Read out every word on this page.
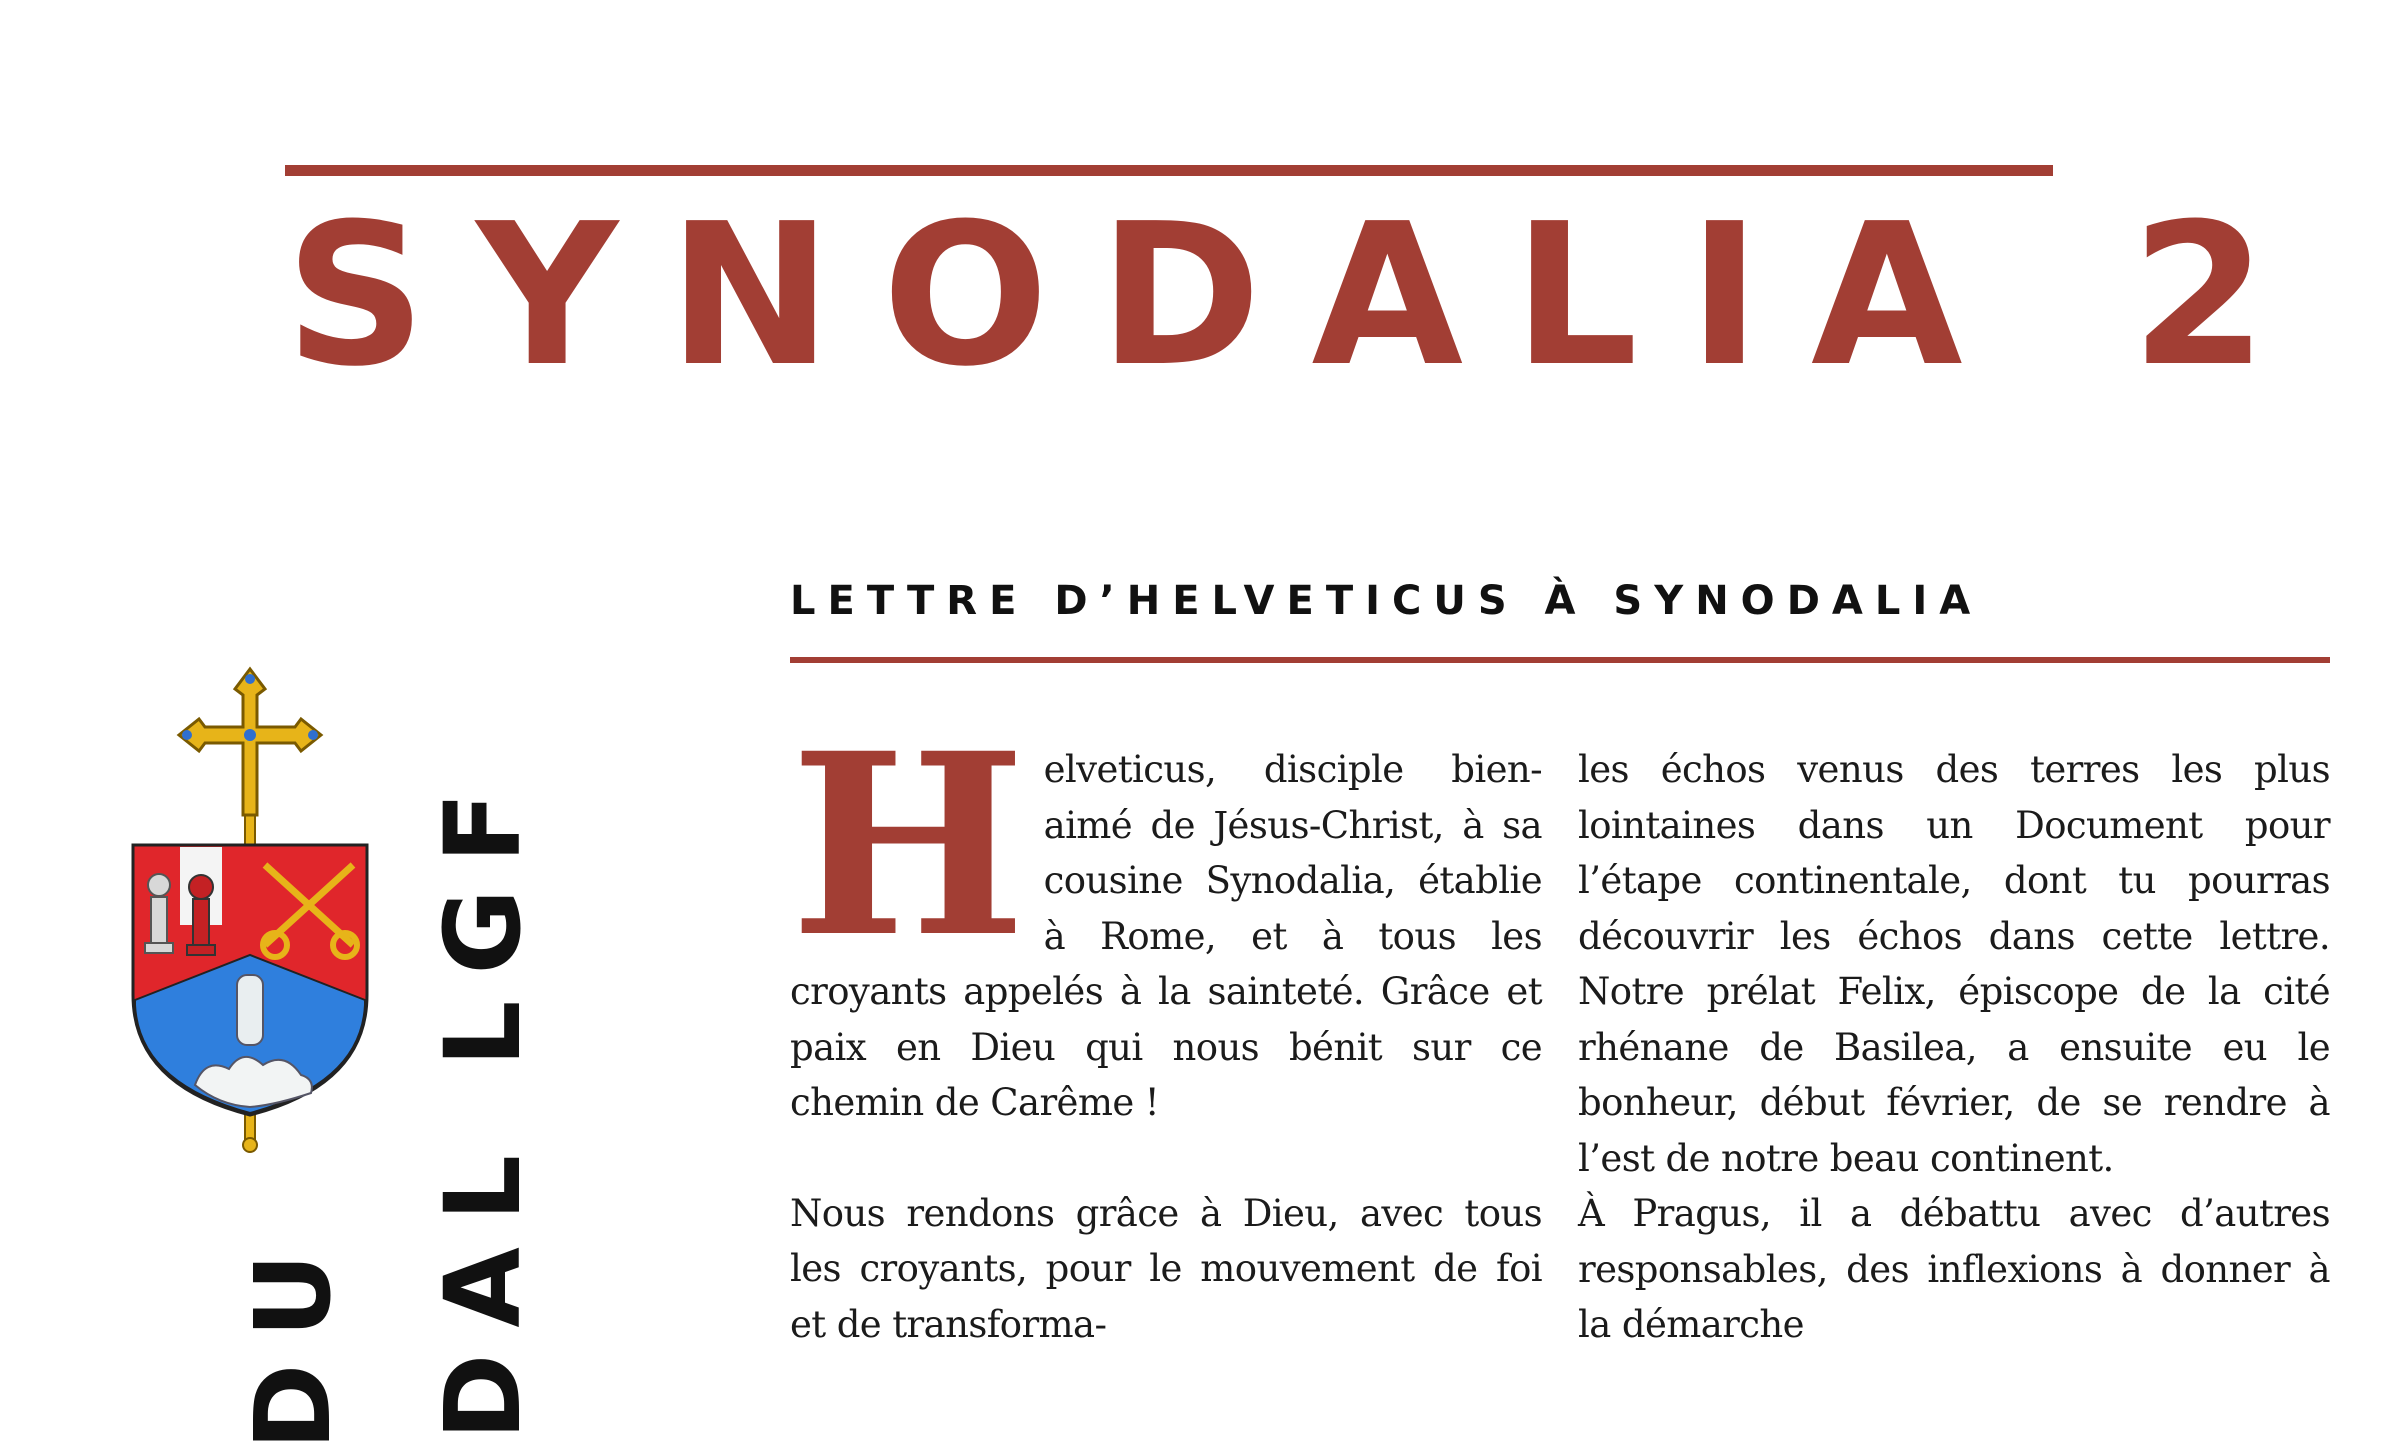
SYNODALIA 2
DU DAL LGF
LETTRE D’HELVETICUS À SYNODALIA

Helveticus, disciple bien-aimé de Jésus-Christ, à sa cousine Synodalia, établie à Rome, et à tous les croyants appelés à la sainteté. Grâce et paix en Dieu qui nous bénit sur ce chemin de Carême !

Nous rendons grâce à Dieu, avec tous les croyants, pour le mouvement de foi et de transforma-

les échos venus des terres les plus lointaines dans un Document pour l’étape continentale, dont tu pourras découvrir les échos dans cette lettre. Notre prélat Felix, épiscope de la cité rhénane de Basilea, a ensuite eu le bonheur, début février, de se rendre à l’est de notre beau continent.

À Pragus, il a débattu avec d’autres responsables, des inflexions à donner à la démarche
